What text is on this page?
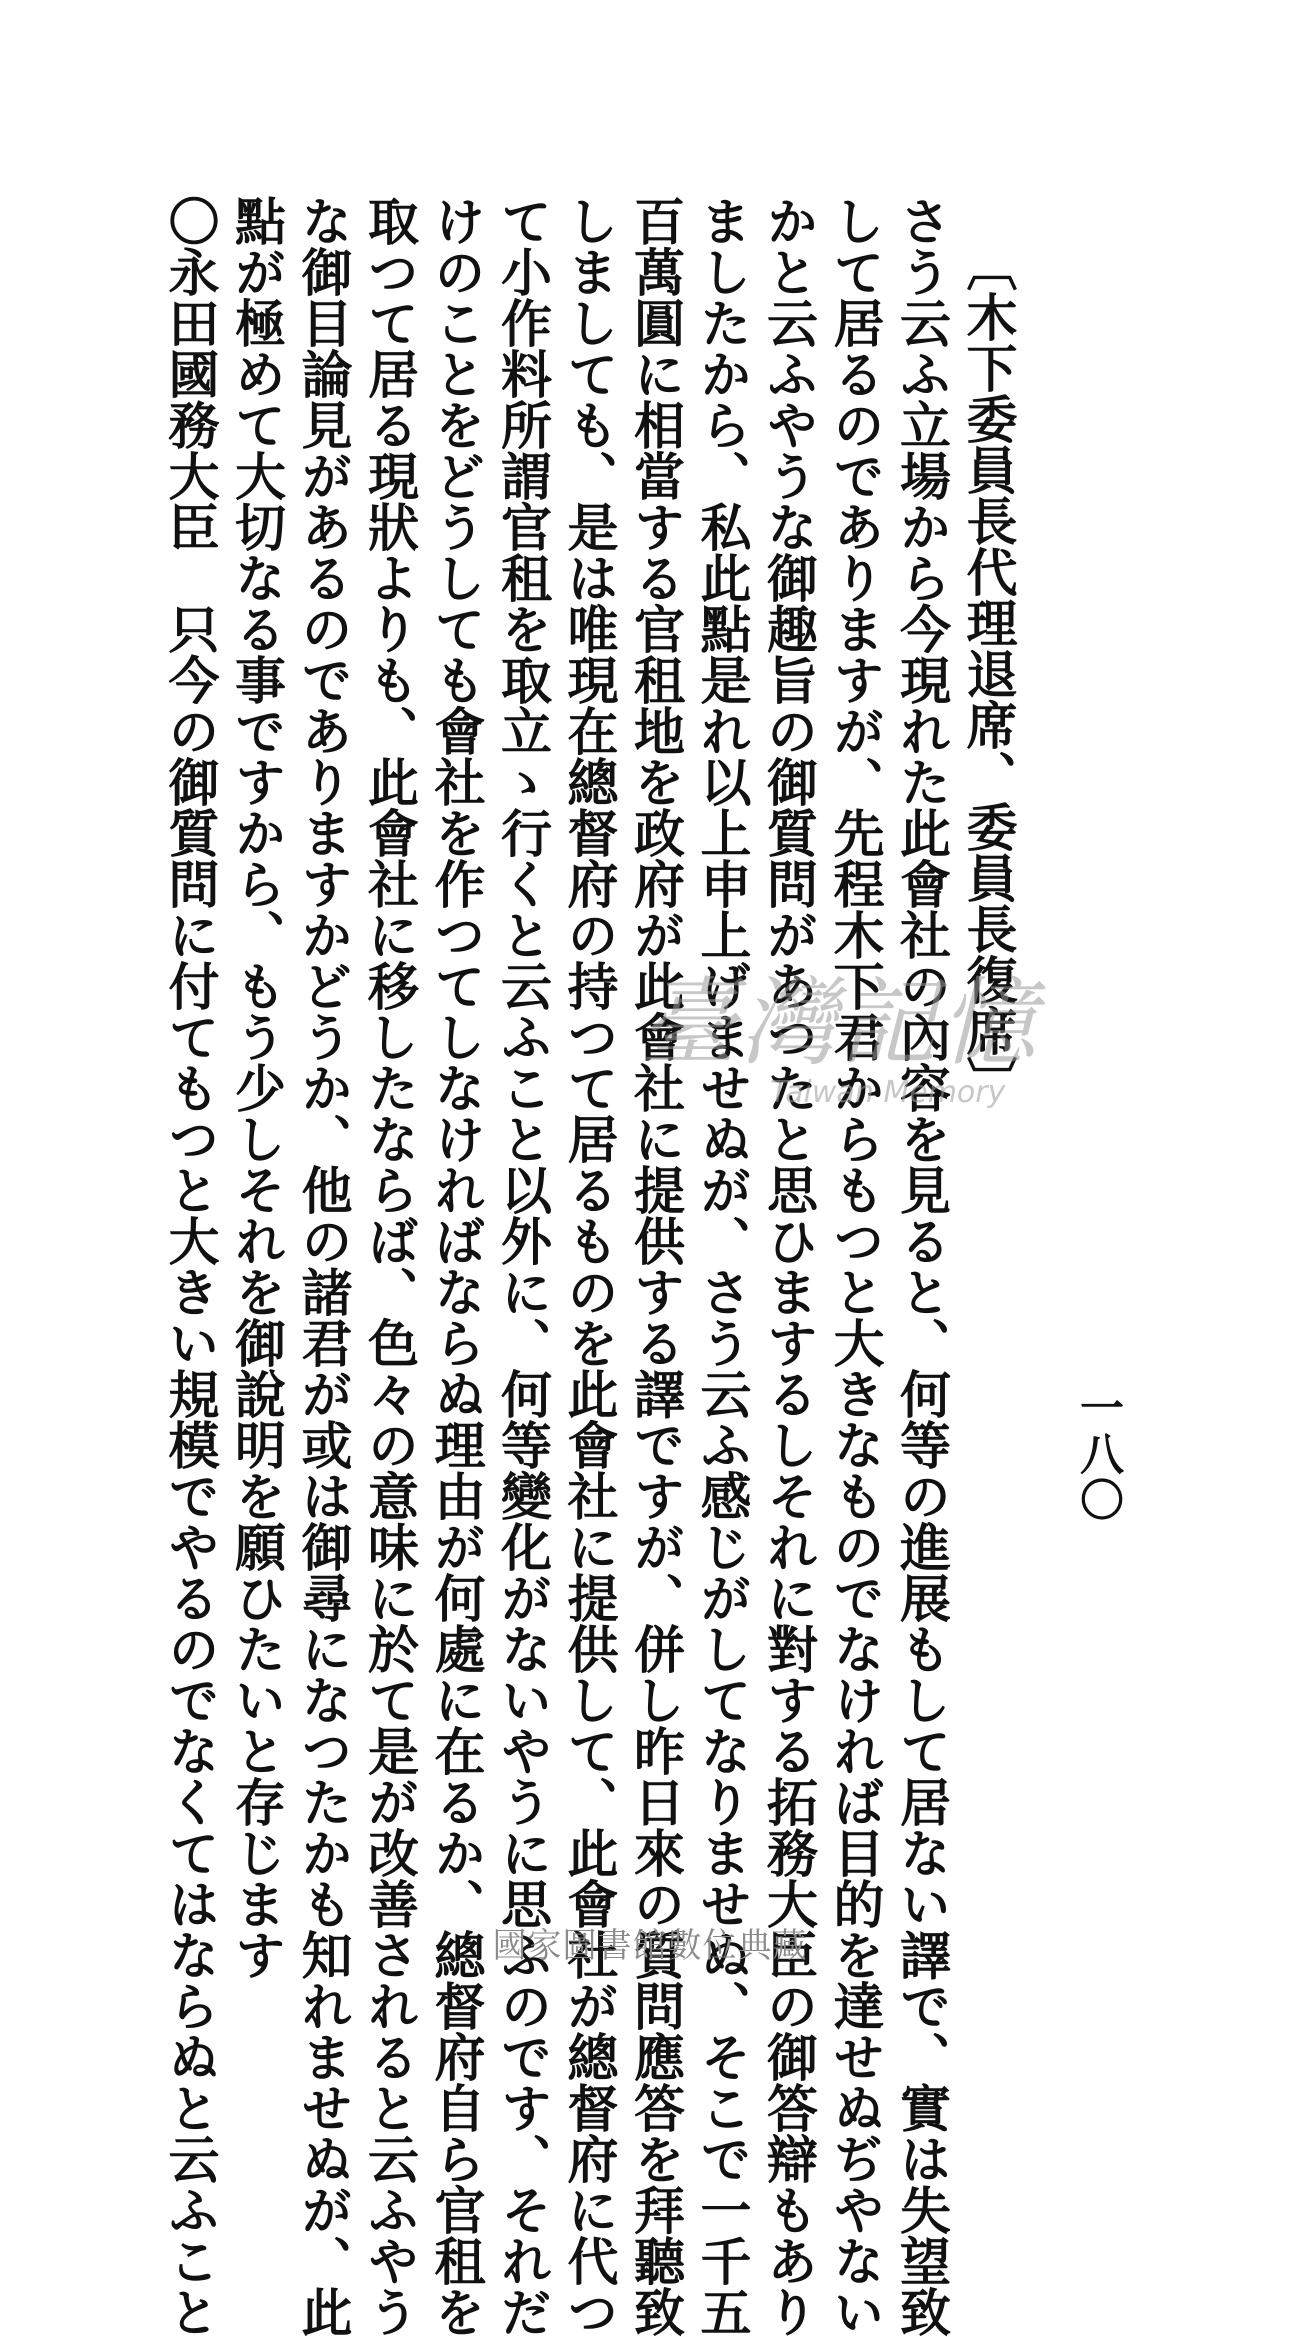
一八〇
〔木下委員長代理退席、委員長復席〕
さう云ふ立場から今現れた此會社の內容を見ると、何等の進展もして居ない譯で、實は失望致
して居るのでありますが、先程木下君からもつと大きなものでなければ目的を達せぬぢやない
かと云ふやうな御趣旨の御質問があつたと思ひまするしそれに對する拓務大臣の御答辯もあり
ましたから、私此點是れ以上申上げませぬが、さう云ふ感じがしてなりませぬ、そこで一千五
百萬圓に相當する官租地を政府が此會社に提供する譯ですが、併し昨日來の質問應答を拜聽致
しましても、是は唯現在總督府の持つて居るものを此會社に提供して、此會社が總督府に代つ
て小作料所謂官租を取立ゝ行くと云ふこと以外に、何等變化がないやうに思ふのです、それだ
けのことをどうしても會社を作つてしなければならぬ理由が何處に在るか、總督府自ら官租を
取つて居る現狀よりも、此會社に移したならば、色々の意味に於て是が改善されると云ふやう
な御目論見があるのでありますかどうか、他の諸君が或は御尋になつたかも知れませぬが、此
點が極めて大切なる事ですから、もう少しそれを御說明を願ひたいと存じます
〇永田國務大臣　只今の御質問に付てもつと大きい規模でやるのでなくてはならぬと云ふこと	臺灣記憶
Taiwan Memory
國家圖書館數位典藏
